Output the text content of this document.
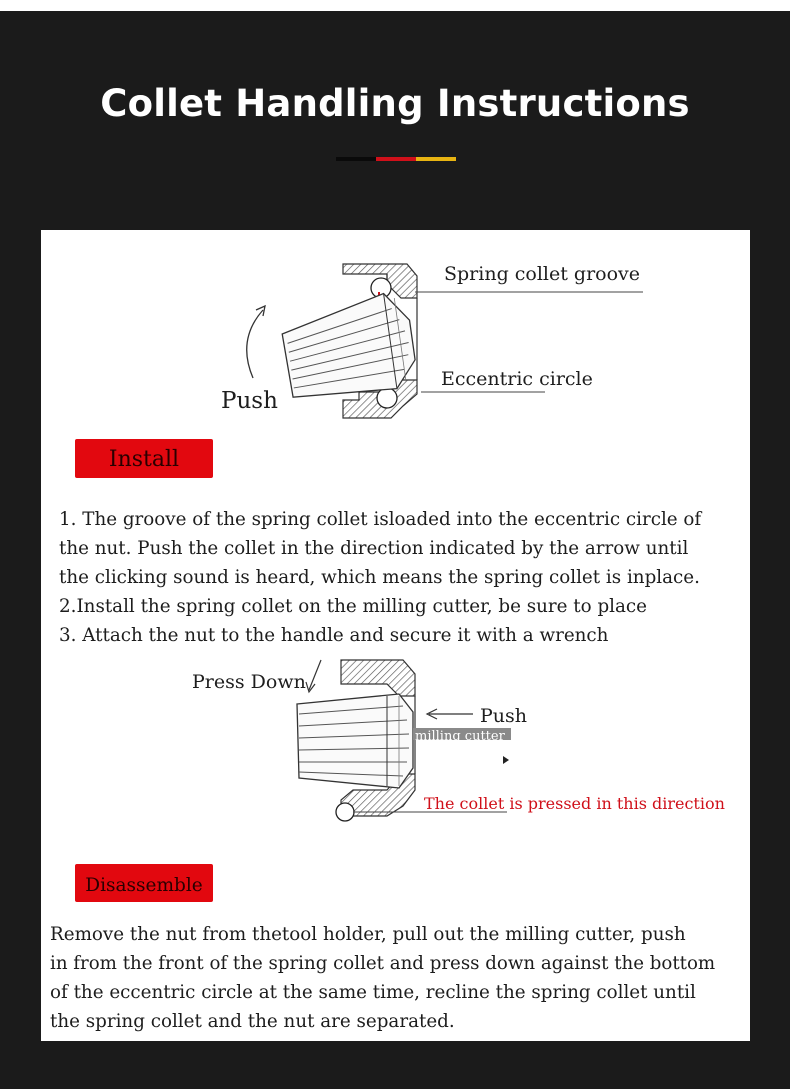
Collet Handling Instructions
Spring collet groove
Eccentric circle
Push
Install
1. The groove of the spring collet isloaded into the eccentric circle of
the nut. Push the collet in the direction indicated by the arrow until
the clicking sound is heard, which means the spring collet is inplace.
2.Install the spring collet on the milling cutter, be sure to place
3. Attach the nut to the handle and secure it with a wrench
Press Down
Push
milling cutter
The collet is pressed in this direction
Disassemble
Remove the nut from thetool holder, pull out the milling cutter, push
in from the front of the spring collet and press down against the bottom
of the eccentric circle at the same time, recline the spring collet until
the spring collet and the nut are separated.
